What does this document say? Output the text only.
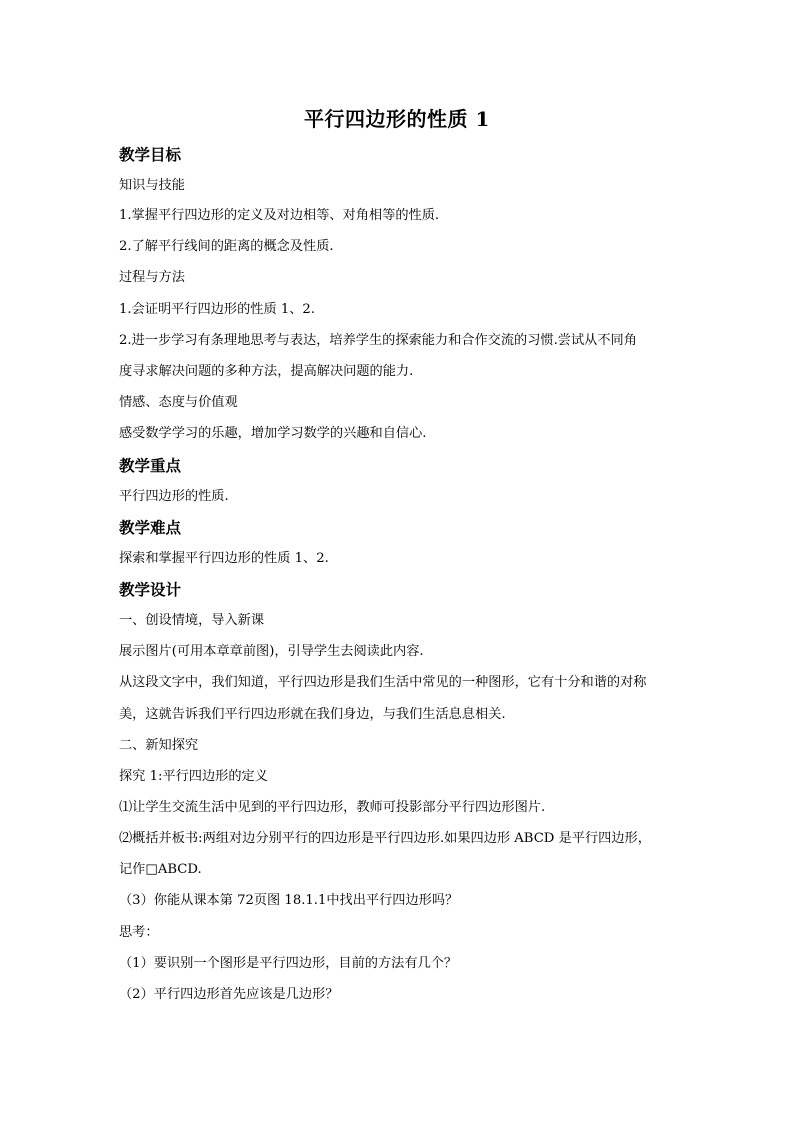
平行四边形的性质 1
教学目标
知识与技能
1.掌握平行四边形的定义及对边相等、对角相等的性质.
2.了解平行线间的距离的概念及性质.
过程与方法
1.会证明平行四边形的性质 1、2.
2.进一步学习有条理地思考与表达，培养学生的探索能力和合作交流的习惯.尝试从不同角
度寻求解决问题的多种方法，提高解决问题的能力.
情感、态度与价值观
感受数学学习的乐趣，增加学习数学的兴趣和自信心.
教学重点
平行四边形的性质.
教学难点
探索和掌握平行四边形的性质 1、2.
教学设计
一、创设情境，导入新课
展示图片(可用本章章前图)，引导学生去阅读此内容.
从这段文字中，我们知道，平行四边形是我们生活中常见的一种图形，它有十分和谐的对称
美，这就告诉我们平行四边形就在我们身边，与我们生活息息相关.
二、新知探究
探究 1:平行四边形的定义
⑴让学生交流生活中见到的平行四边形，教师可投影部分平行四边形图片.
⑵概括并板书:两组对边分别平行的四边形是平行四边形.如果四边形 ABCD 是平行四边形，
记作□ABCD.
（3）你能从课本第 72页图 18.1.1中找出平行四边形吗？
思考：
（1）要识别一个图形是平行四边形，目前的方法有几个？
（2）平行四边形首先应该是几边形？
